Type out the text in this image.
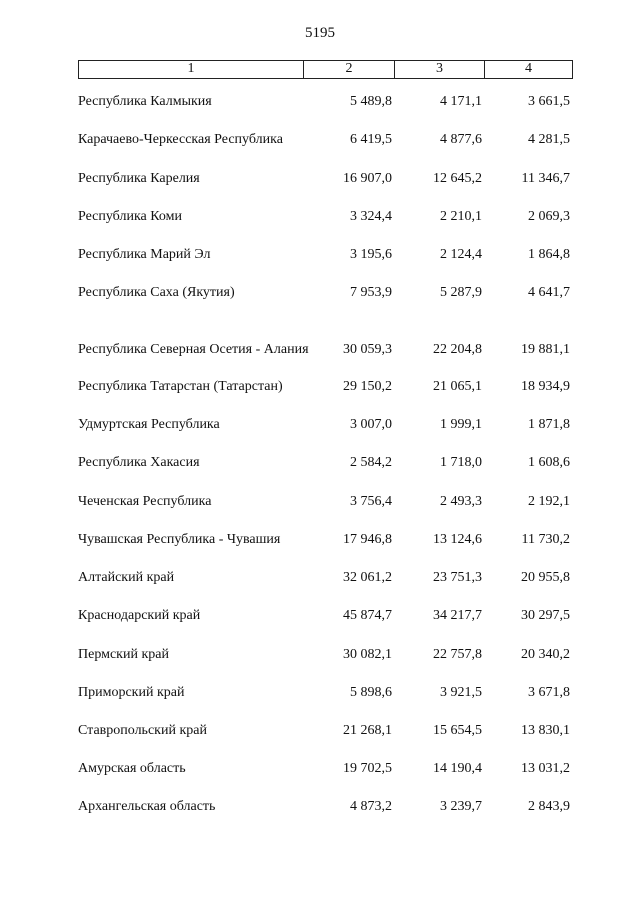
5195
1	2	3	4
Республика Калмыкия	5 489,8	4 171,1	3 661,5
Карачаево-Черкесская Республика	6 419,5	4 877,6	4 281,5
Республика Карелия	16 907,0	12 645,2	11 346,7
Республика Коми	3 324,4	2 210,1	2 069,3
Республика Марий Эл	3 195,6	2 124,4	1 864,8
Республика Саха (Якутия)	7 953,9	5 287,9	4 641,7
Республика Северная Осетия - Алания	30 059,3	22 204,8	19 881,1
Республика Татарстан (Татарстан)	29 150,2	21 065,1	18 934,9
Удмуртская Республика	3 007,0	1 999,1	1 871,8
Республика Хакасия	2 584,2	1 718,0	1 608,6
Чеченская Республика	3 756,4	2 493,3	2 192,1
Чувашская Республика - Чувашия	17 946,8	13 124,6	11 730,2
Алтайский край	32 061,2	23 751,3	20 955,8
Краснодарский край	45 874,7	34 217,7	30 297,5
Пермский край	30 082,1	22 757,8	20 340,2
Приморский край	5 898,6	3 921,5	3 671,8
Ставропольский край	21 268,1	15 654,5	13 830,1
Амурская область	19 702,5	14 190,4	13 031,2
Архангельская область	4 873,2	3 239,7	2 843,9
